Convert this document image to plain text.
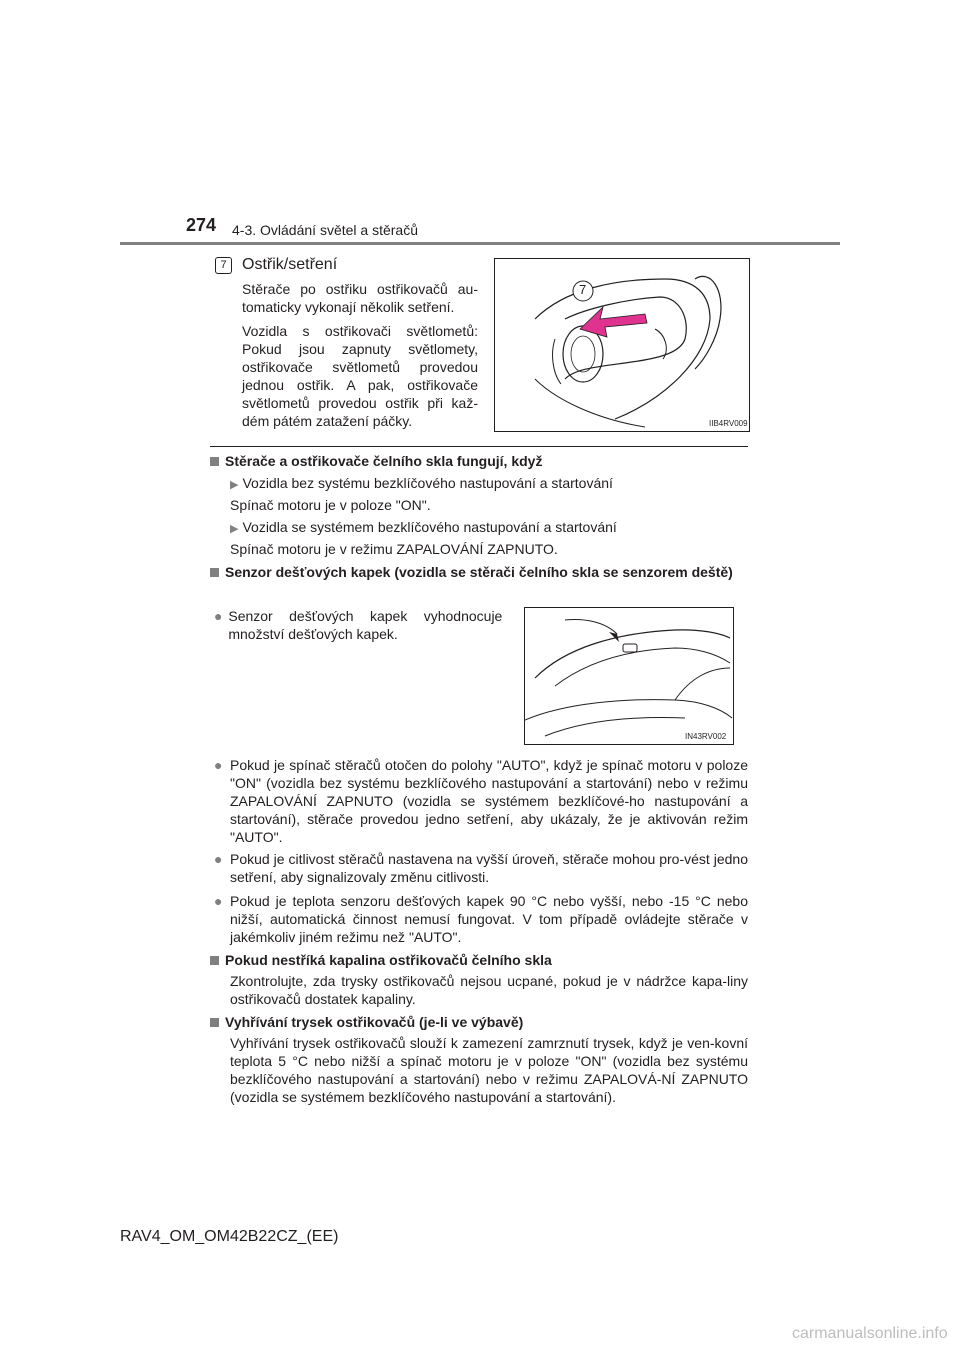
274 4-3. Ovládání světel a stěračů
7 Ostřik/setření
Stěrače po ostřiku ostřikovačů au-tomaticky vykonají několik setření.
Vozidla s ostřikovači světlometů: Pokud jsou zapnuty světlomety, ostřikovače světlometů provedou jednou ostřik. A pak, ostřikovače světlometů provedou ostřik při kaž-dém pátém zatažení páčky.
7
IIB4RV009
Stěrače a ostřikovače čelního skla fungují, když
▶ Vozidla bez systému bezklíčového nastupování a startování
Spínač motoru je v poloze "ON".
▶ Vozidla se systémem bezklíčového nastupování a startování
Spínač motoru je v režimu ZAPALOVÁNÍ ZAPNUTO.
Senzor dešťových kapek (vozidla se stěrači čelního skla se senzorem deště)
● Senzor dešťových kapek vyhodnocuje množství dešťových kapek.
IN43RV002
● Pokud je spínač stěračů otočen do polohy "AUTO", když je spínač motoru v poloze "ON" (vozidla bez systému bezklíčového nastupování a startování) nebo v režimu ZAPALOVÁNÍ ZAPNUTO (vozidla se systémem bezklíčové-ho nastupování a startování), stěrače provedou jedno setření, aby ukázaly, že je aktivován režim "AUTO".
● Pokud je citlivost stěračů nastavena na vyšší úroveň, stěrače mohou pro-vést jedno setření, aby signalizovaly změnu citlivosti.
● Pokud je teplota senzoru dešťových kapek 90 °C nebo vyšší, nebo -15 °C nebo nižší, automatická činnost nemusí fungovat. V tom případě ovládejte stěrače v jakémkoliv jiném režimu než "AUTO".
Pokud nestříká kapalina ostřikovačů čelního skla
Zkontrolujte, zda trysky ostřikovačů nejsou ucpané, pokud je v nádržce kapa-liny ostřikovačů dostatek kapaliny.
Vyhřívání trysek ostřikovačů (je-li ve výbavě)
Vyhřívání trysek ostřikovačů slouží k zamezení zamrznutí trysek, když je ven-kovní teplota 5 °C nebo nižší a spínač motoru je v poloze "ON" (vozidla bez systému bezklíčového nastupování a startování) nebo v režimu ZAPALOVÁ-NÍ ZAPNUTO (vozidla se systémem bezklíčového nastupování a startování).
RAV4_OM_OM42B22CZ_(EE)
carmanualsonline.info
